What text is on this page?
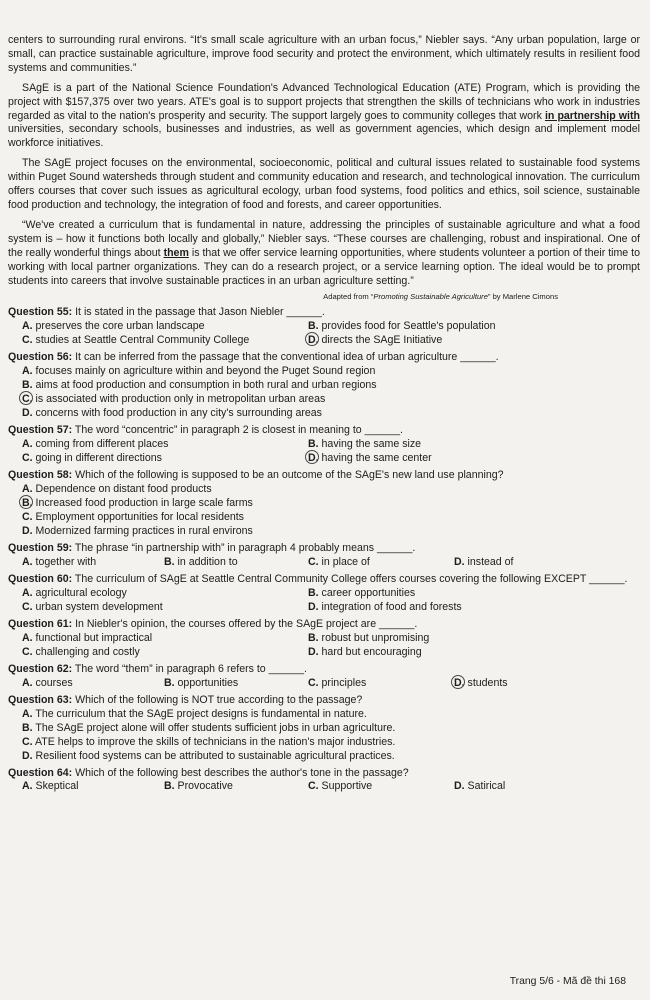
centers to surrounding rural environs. “It's small scale agriculture with an urban focus,” Niebler says. “Any urban population, large or small, can practice sustainable agriculture, improve food security and protect the environment, which ultimately results in resilient food systems and communities.”

SAgE is a part of the National Science Foundation's Advanced Technological Education (ATE) Program, which is providing the project with $157,375 over two years. ATE's goal is to support projects that strengthen the skills of technicians who work in industries regarded as vital to the nation's prosperity and security. The support largely goes to community colleges that work in partnership with universities, secondary schools, businesses and industries, as well as government agencies, which design and implement model workforce initiatives.

The SAgE project focuses on the environmental, socioeconomic, political and cultural issues related to sustainable food systems within Puget Sound watersheds through student and community education and research, and technological innovation. The curriculum offers courses that cover such issues as agricultural ecology, urban food systems, food politics and ethics, soil science, sustainable food production and technology, the integration of food and forests, and career opportunities.

“We've created a curriculum that is fundamental in nature, addressing the principles of sustainable agriculture and what a food system is – how it functions both locally and globally,” Niebler says. “These courses are challenging, robust and inspirational. One of the really wonderful things about them is that we offer service learning opportunities, where students volunteer a portion of their time to working with local partner organizations. They can do a research project, or a service learning option. The ideal would be to prompt students into careers that involve sustainable practices in an urban agriculture setting.”

Adapted from “Promoting Sustainable Agriculture” by Marlene Cimons
Question 55: It is stated in the passage that Jason Niebler ______.
A. preserves the core urban landscape	B. provides food for Seattle's population
C. studies at Seattle Central Community College	D. directs the SAgE Initiative
Question 56: It can be inferred from the passage that the conventional idea of urban agriculture ______.
A. focuses mainly on agriculture within and beyond the Puget Sound region
B. aims at food production and consumption in both rural and urban regions
C. is associated with production only in metropolitan urban areas
D. concerns with food production in any city's surrounding areas
Question 57: The word “concentric” in paragraph 2 is closest in meaning to ______.
A. coming from different places	B. having the same size
C. going in different directions	D. having the same center
Question 58: Which of the following is supposed to be an outcome of the SAgE's new land use planning?
A. Dependence on distant food products
B. Increased food production in large scale farms
C. Employment opportunities for local residents
D. Modernized farming practices in rural environs
Question 59: The phrase “in partnership with” in paragraph 4 probably means ______.
A. together with	B. in addition to	C. in place of	D. instead of
Question 60: The curriculum of SAgE at Seattle Central Community College offers courses covering the following EXCEPT ______.
A. agricultural ecology	B. career opportunities
C. urban system development	D. integration of food and forests
Question 61: In Niebler's opinion, the courses offered by the SAgE project are ______.
A. functional but impractical	B. robust but unpromising
C. challenging and costly	D. hard but encouraging
Question 62: The word “them” in paragraph 6 refers to ______.
A. courses	B. opportunities	C. principles	D. students
Question 63: Which of the following is NOT true according to the passage?
A. The curriculum that the SAgE project designs is fundamental in nature.
B. The SAgE project alone will offer students sufficient jobs in urban agriculture.
C. ATE helps to improve the skills of technicians in the nation's major industries.
D. Resilient food systems can be attributed to sustainable agricultural practices.
Question 64: Which of the following best describes the author's tone in the passage?
A. Skeptical	B. Provocative	C. Supportive	D. Satirical
Trang 5/6 - Mã đề thi 168
